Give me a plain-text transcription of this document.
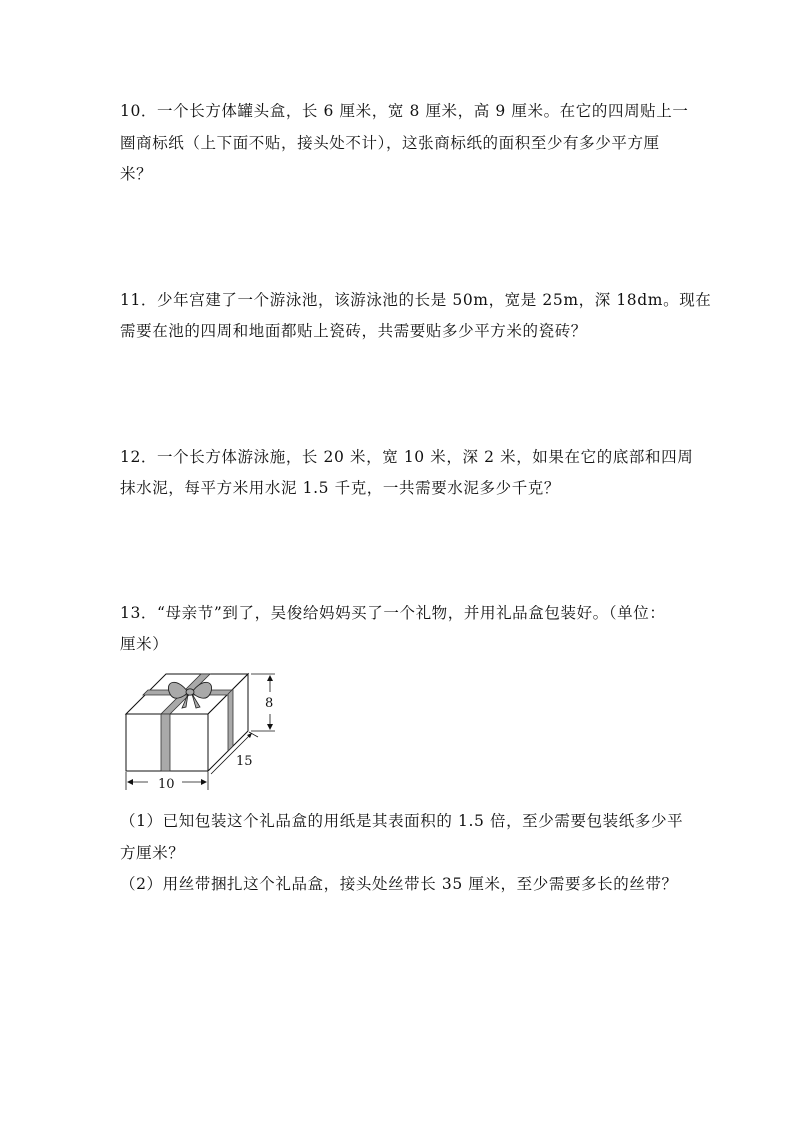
10．一个长方体罐头盒，长 6 厘米，宽 8 厘米，高 9 厘米。在它的四周贴上一
圈商标纸（上下面不贴，接头处不计），这张商标纸的面积至少有多少平方厘
米？
11．少年宫建了一个游泳池，该游泳池的长是 50m，宽是 25m，深 18dm。现在
需要在池的四周和地面都贴上瓷砖，共需要贴多少平方米的瓷砖？
12．一个长方体游泳施，长 20 米，宽 10 米，深 2 米，如果在它的底部和四周
抹水泥，每平方米用水泥 1.5 千克，一共需要水泥多少千克？
13．“母亲节”到了，吴俊给妈妈买了一个礼物，并用礼品盒包装好。（单位：
厘米）
8
15
10
（1）已知包装这个礼品盒的用纸是其表面积的 1.5 倍，至少需要包装纸多少平
方厘米？
（2）用丝带捆扎这个礼品盒，接头处丝带长 35 厘米，至少需要多长的丝带？
